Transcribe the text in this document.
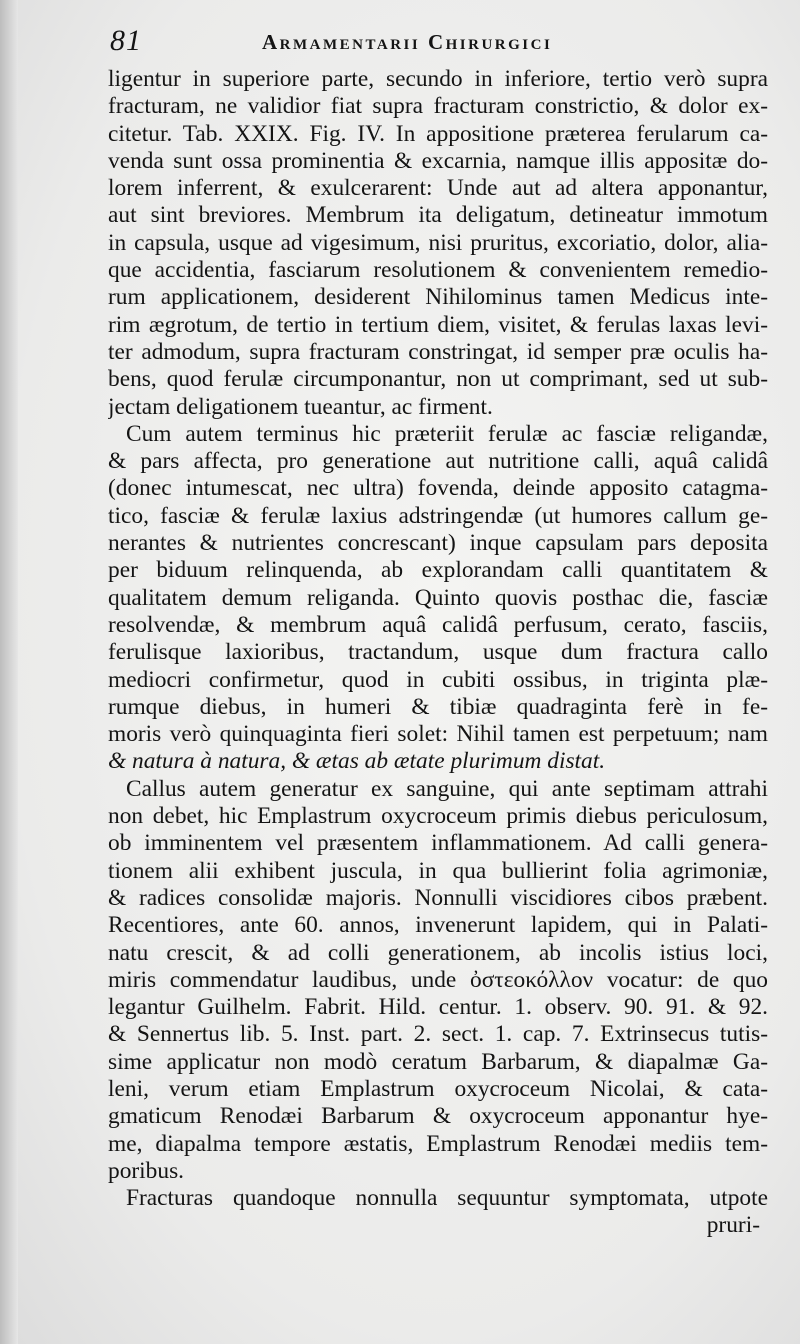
81	Armamentarii Chirurgici
ligentur in superiore parte, secundo in inferiore, tertio verò supra
fracturam, ne validior fiat supra fracturam constrictio, & dolor ex-
citetur. Tab. XXIX. Fig. IV. In appositione præterea ferularum ca-
venda sunt ossa prominentia & excarnia, namque illis appositæ do-
lorem inferrent, & exulcerarent: Unde aut ad altera apponantur,
aut sint breviores. Membrum ita deligatum, detineatur immotum
in capsula, usque ad vigesimum, nisi pruritus, excoriatio, dolor, alia-
que accidentia, fasciarum resolutionem & convenientem remedio-
rum applicationem, desiderent Nihilominus tamen Medicus inte-
rim ægrotum, de tertio in tertium diem, visitet, & ferulas laxas levi-
ter admodum, supra fracturam constringat, id semper præ oculis ha-
bens, quod ferulæ circumponantur, non ut comprimant, sed ut sub-
jectam deligationem tueantur, ac firment.
Cum autem terminus hic præteriit ferulæ ac fasciæ religandæ,
& pars affecta, pro generatione aut nutritione calli, aquâ calidâ
(donec intumescat, nec ultra) fovenda, deinde apposito catagma-
tico, fasciæ & ferulæ laxius adstringendæ (ut humores callum ge-
nerantes & nutrientes concrescant) inque capsulam pars deposita
per biduum relinquenda, ab explorandam calli quantitatem &
qualitatem demum religanda. Quinto quovis posthac die, fasciæ
resolvendæ, & membrum aquâ calidâ perfusum, cerato, fasciis,
ferulisque laxioribus, tractandum, usque dum fractura callo
mediocri confirmetur, quod in cubiti ossibus, in triginta plæ-
rumque diebus, in humeri & tibiæ quadraginta ferè in fe-
moris verò quinquaginta fieri solet: Nihil tamen est perpetuum; nam
& natura à natura, & ætas ab ætate plurimum distat.
Callus autem generatur ex sanguine, qui ante septimam attrahi
non debet, hic Emplastrum oxycroceum primis diebus periculosum,
ob imminentem vel præsentem inflammationem. Ad calli genera-
tionem alii exhibent juscula, in qua bullierint folia agrimoniæ,
& radices consolidæ majoris. Nonnulli viscidiores cibos præbent.
Recentiores, ante 60. annos, invenerunt lapidem, qui in Palati-
natu crescit, & ad colli generationem, ab incolis istius loci,
miris commendatur laudibus, unde ὀστεοκόλλον vocatur: de quo
legantur Guilhelm. Fabrit. Hild. centur. 1. observ. 90. 91. & 92.
& Sennertus lib. 5. Inst. part. 2. sect. 1. cap. 7. Extrinsecus tutis-
sime applicatur non modò ceratum Barbarum, & diapalmæ Ga-
leni, verum etiam Emplastrum oxycroceum Nicolai, & cata-
gmaticum Renodæi Barbarum & oxycroceum apponantur hye-
me, diapalma tempore æstatis, Emplastrum Renodæi mediis tem-
poribus.
Fracturas quandoque nonnulla sequuntur symptomata, utpote
pruri-
